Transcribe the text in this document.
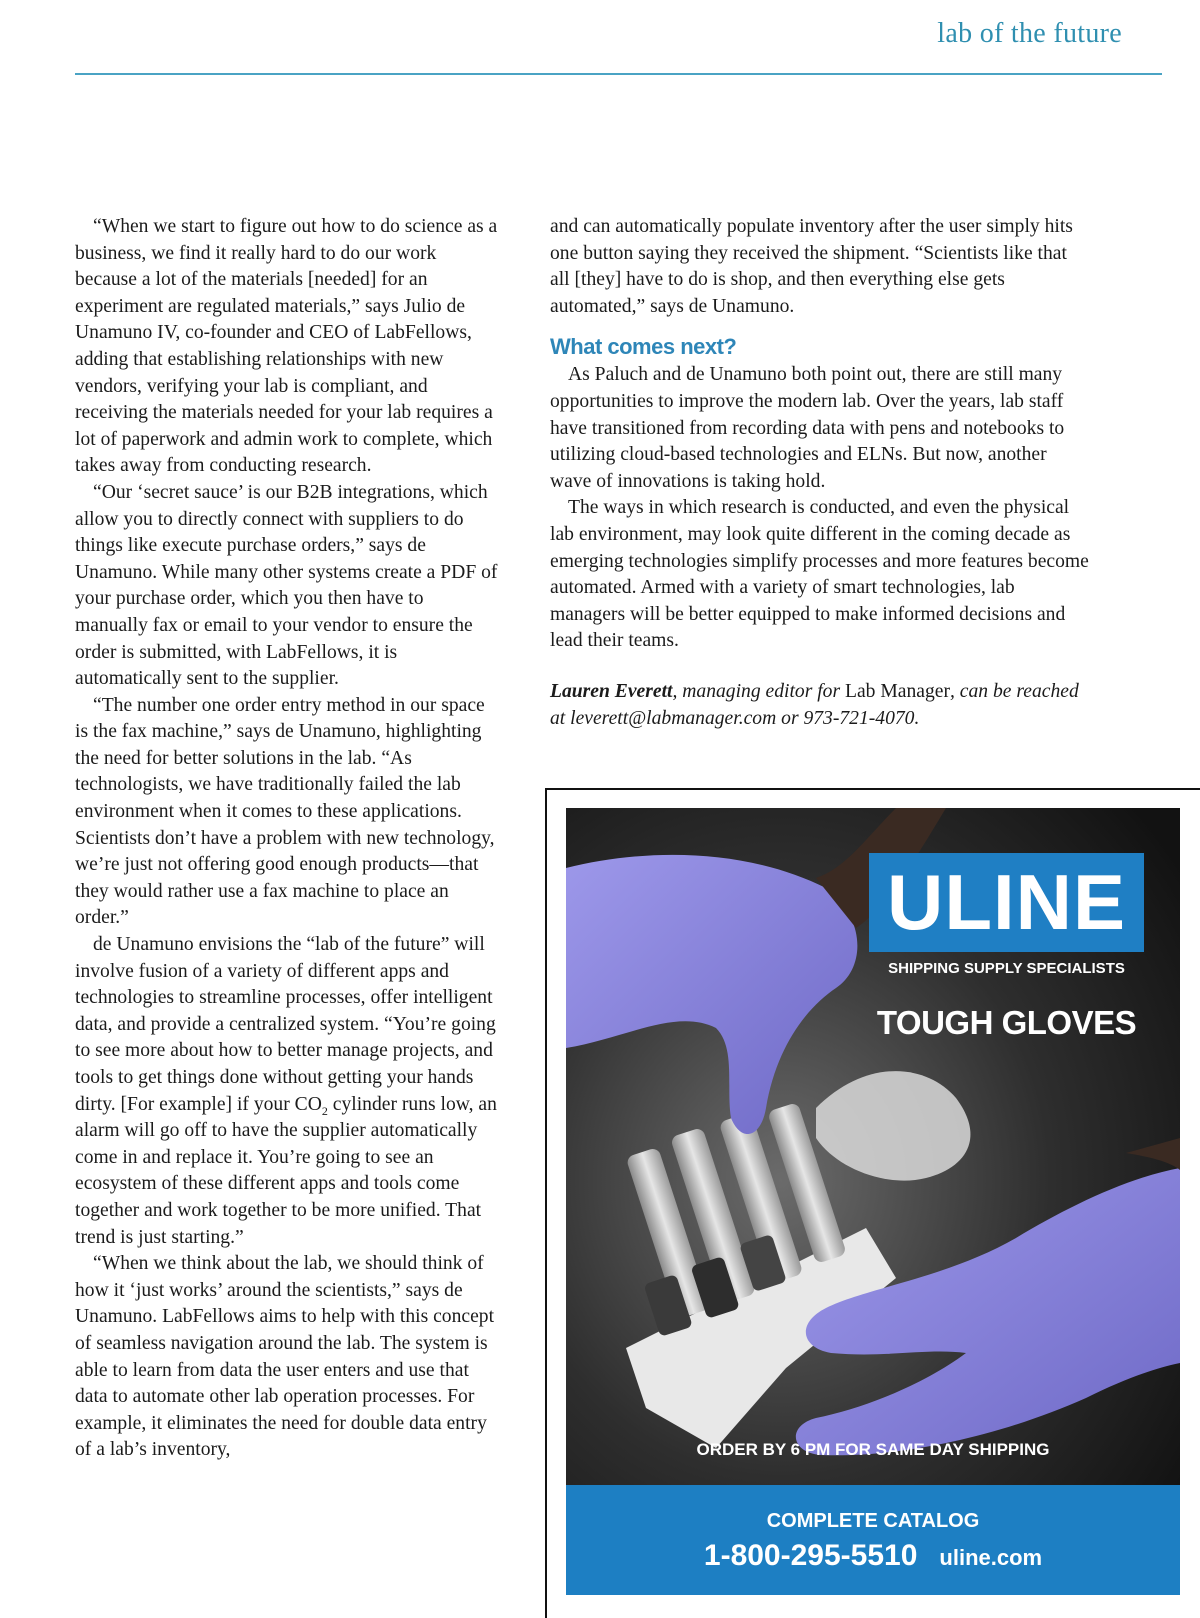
lab of the future

“When we start to figure out how to do science as a business, we find it really hard to do our work because a lot of the materials [needed] for an experiment are regulated materials,” says Julio de Unamuno IV, co-founder and CEO of LabFellows, adding that establishing relationships with new vendors, verifying your lab is compliant, and receiving the materials needed for your lab requires a lot of paperwork and admin work to complete, which takes away from conducting research.

“Our ‘secret sauce’ is our B2B integrations, which allow you to directly connect with suppliers to do things like execute purchase orders,” says de Unamuno. While many other systems create a PDF of your purchase order, which you then have to manually fax or email to your vendor to ensure the order is submitted, with LabFellows, it is automatically sent to the supplier.

“The number one order entry method in our space is the fax machine,” says de Unamuno, highlighting the need for better solutions in the lab. “As technologists, we have traditionally failed the lab environment when it comes to these applications. Scientists don’t have a problem with new technology, we’re just not offering good enough products—that they would rather use a fax machine to place an order.”

de Unamuno envisions the “lab of the future” will involve fusion of a variety of different apps and technologies to streamline processes, offer intelligent data, and provide a centralized system. “You’re going to see more about how to better manage projects, and tools to get things done without getting your hands dirty. [For example] if your $CO_2$ cylinder runs low, an alarm will go off to have the supplier automatically come in and replace it. You’re going to see an ecosystem of these different apps and tools come together and work together to be more unified. That trend is just starting.”

“When we think about the lab, we should think of how it ‘just works’ around the scientists,” says de Unamuno. LabFellows aims to help with this concept of seamless navigation around the lab. The system is able to learn from data the user enters and use that data to automate other lab operation processes. For example, it eliminates the need for double data entry of a lab’s inventory,

and can automatically populate inventory after the user simply hits one button saying they received the shipment. “Scientists like that all [they] have to do is shop, and then everything else gets automated,” says de Unamuno.

What comes next?

As Paluch and de Unamuno both point out, there are still many opportunities to improve the modern lab. Over the years, lab staff have transitioned from recording data with pens and notebooks to utilizing cloud-based technologies and ELNs. But now, another wave of innovations is taking hold.

The ways in which research is conducted, and even the physical lab environment, may look quite different in the coming decade as emerging technologies simplify processes and more features become automated. Armed with a variety of smart technologies, lab managers will be better equipped to make informed decisions and lead their teams.

Lauren Everett, managing editor for Lab Manager, can be reached at leverett@labmanager.com or 973-721-4070.

ULINE
SHIPPING SUPPLY SPECIALISTS
TOUGH GLOVES
ORDER BY 6 PM FOR SAME DAY SHIPPING
COMPLETE CATALOG
1-800-295-5510 uline.com
